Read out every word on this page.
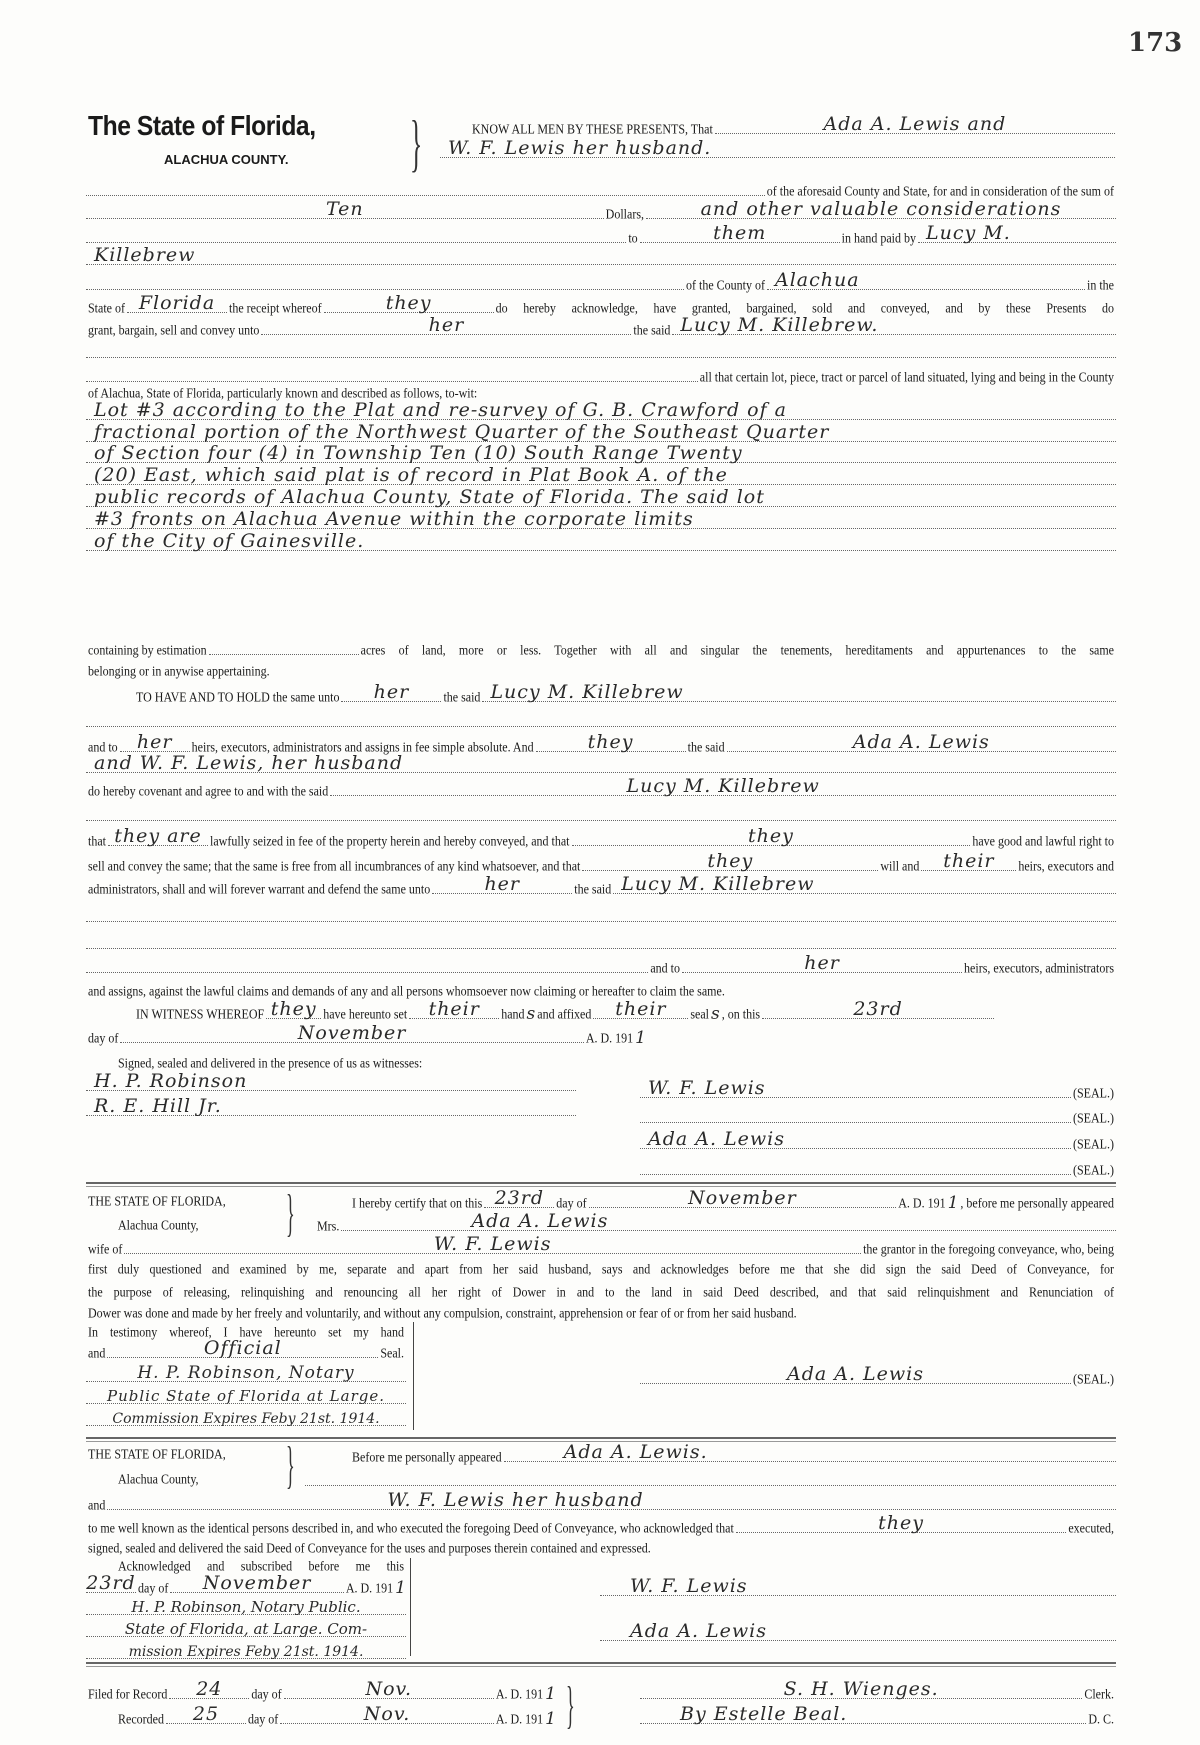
173
The State of Florida,
ALACHUA COUNTY. }	KNOW ALL MEN BY THESE PRESENTS, That	Ada A. Lewis and
W. F. Lewis her husband.
of the aforesaid County and State, for and in consideration of the sum of
Ten	Dollars,	and other valuable considerations
to	them	in hand paid by Lucy M.
Killebrew
of the County of Alachua	in the
State of Florida	the receipt whereof	they	do hereby acknowledge, have granted, bargained, sold and conveyed, and by these Presents do
grant, bargain, sell and convey unto	her	the said Lucy M. Killebrew.
all that certain lot, piece, tract or parcel of land situated, lying and being in the County
of Alachua, State of Florida, particularly known and described as follows, to-wit:
Lot #3 according to the Plat and re-survey of G. B. Crawford of a
fractional portion of the Northwest Quarter of the Southeast Quarter
of Section four (4) in Township Ten (10) South Range Twenty
(20) East, which said plat is of record in Plat Book A. of the
public records of Alachua County, State of Florida. The said lot
#3 fronts on Alachua Avenue within the corporate limits
of the City of Gainesville.
containing by estimation	acres of land, more or less. Together with all and singular the tenements, hereditaments and appurtenances to the same
belonging or in anywise appertaining.
TO HAVE AND TO HOLD the same unto	her	the said Lucy M. Killebrew
and to	her	heirs, executors, administrators and assigns in fee simple absolute. And	they	the said	Ada A. Lewis
and W. F. Lewis, her husband
do hereby covenant and agree to and with the said	Lucy M. Killebrew
that they are lawfully seized in fee of the property herein and hereby conveyed, and that	they	have good and lawful right to
sell and convey the same; that the same is free from all incumbrances of any kind whatsoever, and that	they	will and	their	heirs, executors and
administrators, shall and will forever warrant and defend the same unto	her	the said Lucy M. Killebrew
and to	her	heirs, executors, administrators
and assigns, against the lawful claims and demands of any and all persons whomsoever now claiming or hereafter to claim the same.
IN WITNESS WHEREOF they have hereunto set	their	hand s and affixed	their	seal s , on this	23rd
day of	November	A. D. 191 1
Signed, sealed and delivered in the presence of us as witnesses:
H. P. Robinson
R. E. Hill Jr.
W. F. Lewis	(SEAL.)
(SEAL.)
Ada A. Lewis	(SEAL.)
(SEAL.)
THE STATE OF FLORIDA,
Alachua County, }	I hereby certify that on this 23rd	day of	November	A. D. 191 1 , before me personally appeared
Mrs.	Ada A. Lewis
wife of	W. F. Lewis	the grantor in the foregoing conveyance, who, being
first duly questioned and examined by me, separate and apart from her said husband, says and acknowledges before me that she did sign the said Deed of Conveyance, for
the purpose of releasing, relinquishing and renouncing all her right of Dower in and to the land in said Deed described, and that said relinquishment and Renunciation of
Dower was done and made by her freely and voluntarily, and without any compulsion, constraint, apprehension or fear of or from her said husband.
In testimony whereof, I have hereunto set my hand
and	Official	Seal.
H. P. Robinson, Notary
Public State of Florida at Large.
Commission Expires Feby 21st. 1914.
Ada A. Lewis	(SEAL.)
THE STATE OF FLORIDA,
Alachua County, }	Before me personally appeared	Ada A. Lewis.
and	W. F. Lewis her husband
to me well known as the identical persons described in, and who executed the foregoing Deed of Conveyance, who acknowledged that	they	executed,
signed, sealed and delivered the said Deed of Conveyance for the uses and purposes therein contained and expressed.
Acknowledged and subscribed before me this
23rd day of	November	A. D. 191 1
H. P. Robinson, Notary Public.
State of Florida, at Large. Com-
mission Expires Feby 21st. 1914.
W. F. Lewis
Ada A. Lewis
Filed for Record	24	day of	Nov.	A. D. 191 1
Recorded	25	day of	Nov.	A. D. 191 1 }	S. H. Wienges.	Clerk.
By Estelle Beal.	D. C.
